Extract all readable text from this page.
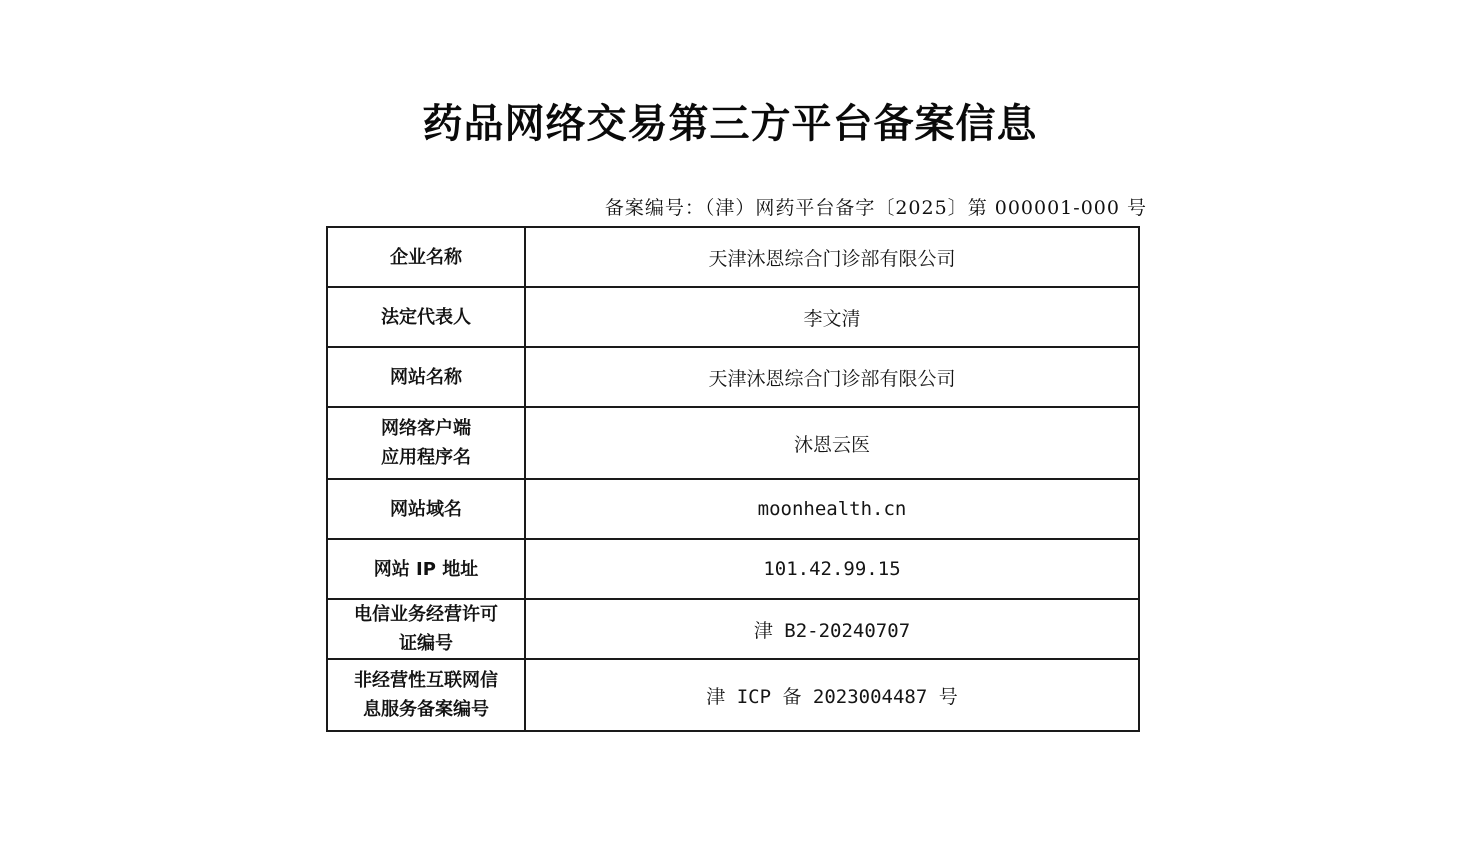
药品网络交易第三方平台备案信息
备案编号：（津）网药平台备字〔2025〕第 000001-000 号
企业名称	天津沐恩综合门诊部有限公司
法定代表人	李文清
网站名称	天津沐恩综合门诊部有限公司

网络客户端
应用程序名	沐恩云医
网站域名	moonhealth.cn
网站 IP 地址	101.42.99.15

电信业务经营许可
证编号	津 B2-20240707

非经营性互联网信
息服务备案编号	津 ICP 备 2023004487 号
